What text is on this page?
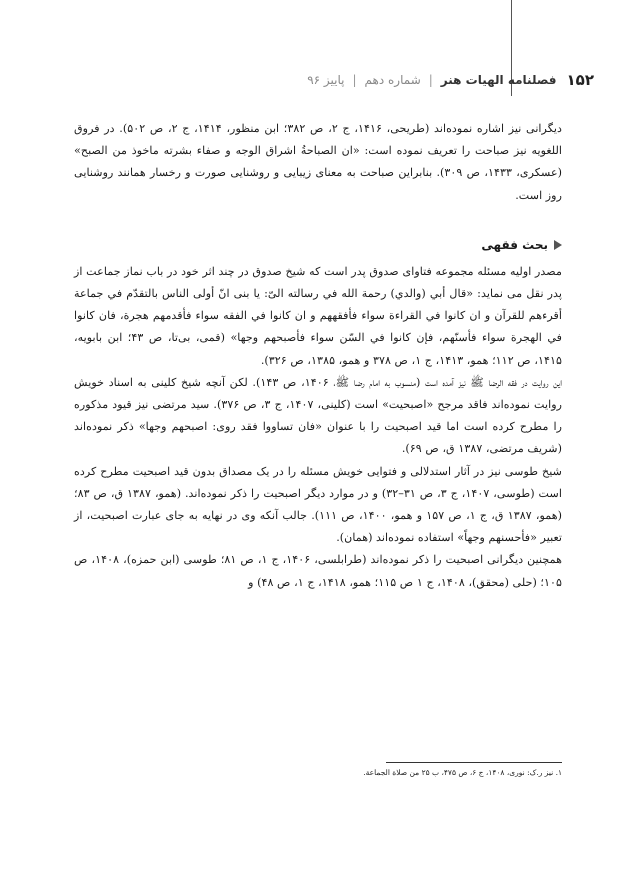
۱۵۲
فصلنامه الهیات هنر
|
شماره دهم
|
پاییز ۹۶

دیگرانی نیز اشاره نموده‌اند (طریحی، ۱۴۱۶، ج ۲، ص ۳۸۲؛ ابن منظور، ۱۴۱۴، ج ۲، ص ۵۰۲). در فروق اللغویه نیز صباحت را تعریف نموده است: «ان الصباحةُ اشراق الوجه و صفاء بشرته ماخوذ من الصبح» (عسکری، ۱۴۳۳، ص ۳۰۹). بنابراین صباحت به معنای زیبایی و روشنایی صورت و رخسار همانند روشنایی روز است.

بحث فقهی

مصدر اولیه مسئله مجموعه فتاوای صدوق پدر است که شیخ صدوق در چند اثر خود در باب نماز جماعت از پدر نقل می نماید: «قال أبي (والدي) رحمة الله في رسالته الیّ: یا بنی انّ أولى الناس بالتقدّم في جماعة أقرءهم للقرآن و ان كانوا في القراءة سواء فأفقههم و ان كانوا في الفقه سواء فأقدمهم هجرة، فان كانوا في الهجرة سواء فأسنّهم، فإن كانوا في السّن سواء فأصبحهم وجها» (قمی، بی‌تا، ص ۴۳؛ ابن بابویه، ۱۴۱۵، ص ۱۱۲؛ همو، ۱۴۱۳، ج ۱، ص ۳۷۸ و همو، ۱۳۸۵، ص ۳۲۶).

این روایت در فقه الرضا ﷺ نیز آمده است (منسوب به امام رضا ﷺ، ۱۴۰۶، ص ۱۴۳). لکن آنچه شیخ کلینی به اسناد خویش روایت نموده‌اند فاقد مرجح «اصبحیت» است (کلینی، ۱۴۰۷، ج ۳، ص ۳۷۶). سید مرتضی نیز قیود مذکوره را مطرح کرده است اما قید اصبحیت را با عنوان «فان تساووا فقد روی: اصبحهم وجها» ذکر نموده‌اند (شریف مرتضی، ۱۳۸۷ ق، ص ۶۹).

شیخ طوسی نیز در آثار استدلالی و فتوایی خویش مسئله را در یک مصداق بدون قید اصبحیت مطرح کرده است (طوسی، ۱۴۰۷، ج ۳، ص ۳۱–۳۲) و در موارد دیگر اصبحیت را ذکر نموده‌اند. (همو، ۱۳۸۷ ق، ص ۸۳؛ (همو، ۱۳۸۷ ق، ج ۱، ص ۱۵۷ و همو، ۱۴۰۰، ص ۱۱۱). جالب آنکه وی در نهایه به جای عبارت اصبحیت، از تعبیر «فأحسنهم وجهاً» استفاده نموده‌اند (همان).

همچنین دیگرانی اصبحیت را ذکر نموده‌اند (طرابلسی، ۱۴۰۶، ج ۱، ص ۸۱؛ طوسی (ابن حمزه)، ۱۴۰۸، ص ۱۰۵؛ (حلی (محقق)، ۱۴۰۸، ج ۱ ص ۱۱۵؛ همو، ۱۴۱۸، ج ۱، ص ۴۸) و

۱. نیز ر.ک: نوری، ۱۴۰۸، ج ۶، ص ۴۷۵، ب ۲۵ من صلاة الجماعة.
